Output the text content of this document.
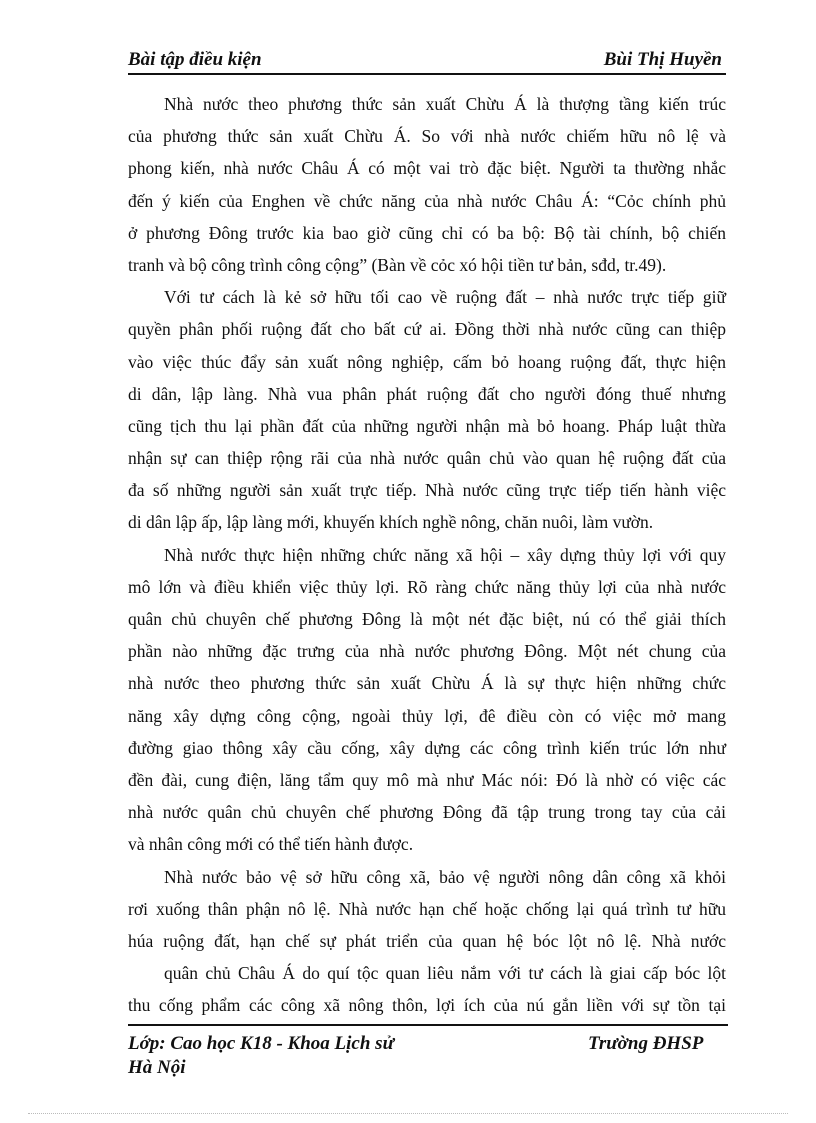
Bài tập điều kiện	Bùi Thị Huyền
Nhà nước theo phương thức sản xuất Chừu Á là thượng tầng kiến trúc
của phương thức sản xuất Chừu Á. So với nhà nước chiếm hữu nô lệ và
phong kiến, nhà nước Châu Á có một vai trò đặc biệt. Người ta thường nhắc
đến ý kiến của Enghen về chức năng của nhà nước Châu Á: “Cỏc chính phủ
ở phương Đông trước kia bao giờ cũng chỉ có ba bộ: Bộ tài chính, bộ chiến
tranh và bộ công trình công cộng” (Bàn về cỏc xó hội tiền tư bản, sđd, tr.49).
Với tư cách là kẻ sở hữu tối cao về ruộng đất – nhà nước trực tiếp giữ
quyền phân phối ruộng đất cho bất cứ ai. Đồng thời nhà nước cũng can thiệp
vào việc thúc đẩy sản xuất nông nghiệp, cấm bỏ hoang ruộng đất, thực hiện
di dân, lập làng. Nhà vua phân phát ruộng đất cho người đóng thuế nhưng
cũng tịch thu lại phần đất của những người nhận mà bỏ hoang. Pháp luật thừa
nhận sự can thiệp rộng rãi của nhà nước quân chủ vào quan hệ ruộng đất của
đa số những người sản xuất trực tiếp. Nhà nước cũng trực tiếp tiến hành việc
di dân lập ấp, lập làng mới, khuyến khích nghề nông, chăn nuôi, làm vườn.
Nhà nước thực hiện những chức năng xã hội – xây dựng thủy lợi với quy
mô lớn và điều khiển việc thủy lợi. Rõ ràng chức năng thủy lợi của nhà nước
quân chủ chuyên chế phương Đông là một nét đặc biệt, nú có thể giải thích
phần nào những đặc trưng của nhà nước phương Đông. Một nét chung của
nhà nước theo phương thức sản xuất Chừu Á là sự thực hiện những chức
năng xây dựng công cộng, ngoài thủy lợi, đê điều còn có việc mở mang
đường giao thông xây cầu cống, xây dựng các công trình kiến trúc lớn như
đền đài, cung điện, lăng tẩm quy mô mà như Mác nói: Đó là nhờ có việc các
nhà nước quân chủ chuyên chế phương Đông đã tập trung trong tay của cải
và nhân công mới có thể tiến hành được.
Nhà nước bảo vệ sở hữu công xã, bảo vệ người nông dân công xã khỏi
rơi xuống thân phận nô lệ. Nhà nước hạn chế hoặc chống lại quá trình tư hữu
húa ruộng đất, hạn chế sự phát triển của quan hệ bóc lột nô lệ. Nhà nước
quân chủ Châu Á do quí tộc quan liêu nắm với tư cách là giai cấp bóc lột
thu cống phẩm các công xã nông thôn, lợi ích của nú gắn liền với sự tồn tại
Lớp: Cao học K18 - Khoa Lịch sử	Trường ĐHSP
Hà Nội
